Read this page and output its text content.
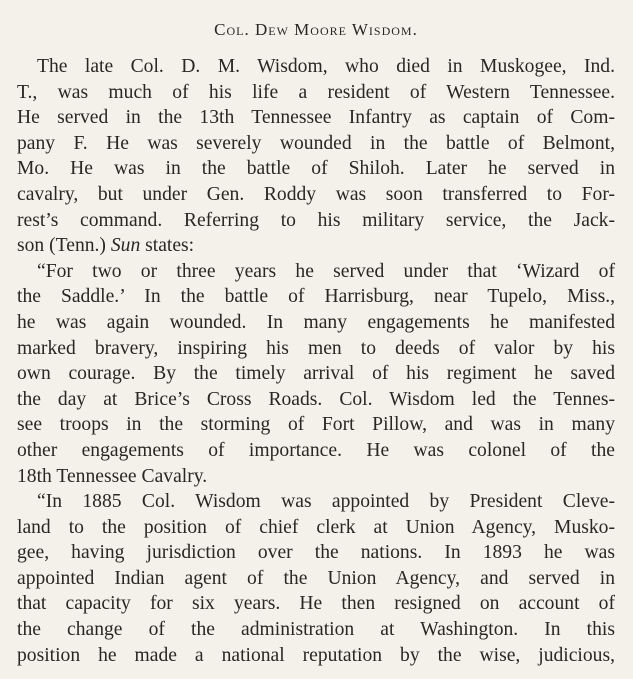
Col. Dew Moore Wisdom.

The late Col. D. M. Wisdom, who died in Muskogee, Ind.
T., was much of his life a resident of Western Tennessee.
He served in the 13th Tennessee Infantry as captain of Com-
pany F. He was severely wounded in the battle of Belmont,
Mo. He was in the battle of Shiloh. Later he served in
cavalry, but under Gen. Roddy was soon transferred to For-
rest’s command. Referring to his military service, the Jack-
son (Tenn.) Sun states:

“For two or three years he served under that ‘Wizard of
the Saddle.’ In the battle of Harrisburg, near Tupelo, Miss.,
he was again wounded. In many engagements he manifested
marked bravery, inspiring his men to deeds of valor by his
own courage. By the timely arrival of his regiment he saved
the day at Brice’s Cross Roads. Col. Wisdom led the Tennes-
see troops in the storming of Fort Pillow, and was in many
other engagements of importance. He was colonel of the
18th Tennessee Cavalry.

“In 1885 Col. Wisdom was appointed by President Cleve-
land to the position of chief clerk at Union Agency, Musko-
gee, having jurisdiction over the nations. In 1893 he was
appointed Indian agent of the Union Agency, and served in
that capacity for six years. He then resigned on account of
the change of the administration at Washington. In this
position he made a national reputation by the wise, judicious,
